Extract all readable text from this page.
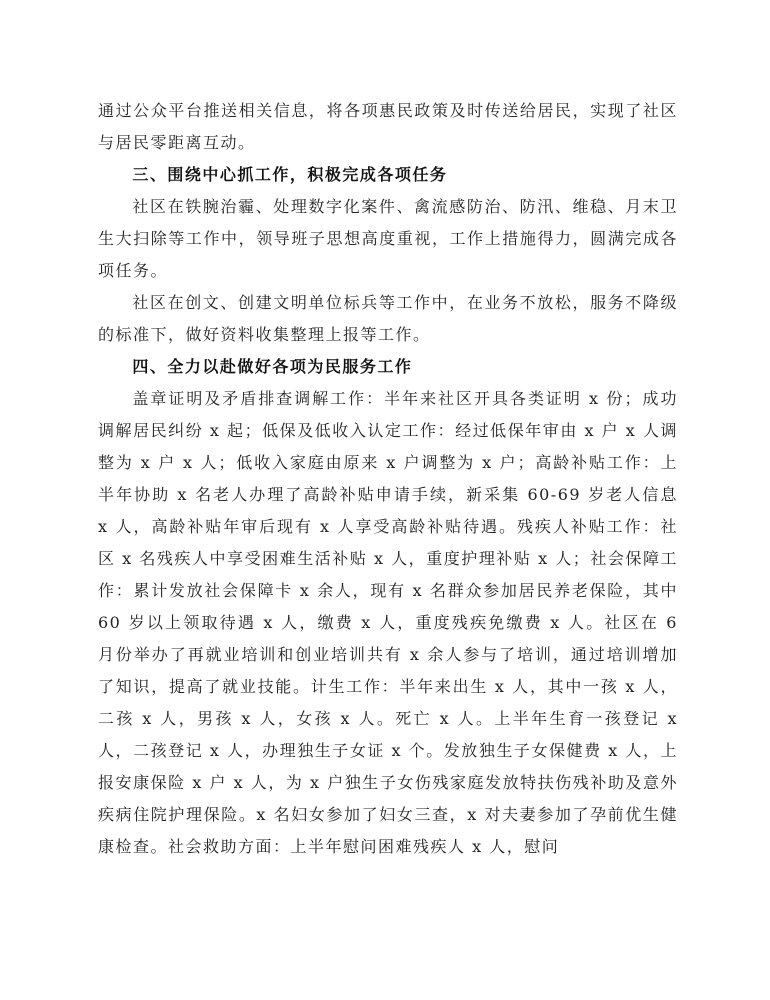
通过公众平台推送相关信息，将各项惠民政策及时传送给居民，实现了社区与居民零距离互动。

三、围绕中心抓工作，积极完成各项任务

社区在铁腕治霾、处理数字化案件、禽流感防治、防汛、维稳、月末卫生大扫除等工作中，领导班子思想高度重视，工作上措施得力，圆满完成各项任务。

社区在创文、创建文明单位标兵等工作中，在业务不放松，服务不降级的标准下，做好资料收集整理上报等工作。

四、全力以赴做好各项为民服务工作

盖章证明及矛盾排查调解工作：半年来社区开具各类证明 x 份；成功调解居民纠纷 x 起；低保及低收入认定工作：经过低保年审由 x 户 x 人调整为 x 户 x 人；低收入家庭由原来 x 户调整为 x 户；高龄补贴工作：上半年协助 x 名老人办理了高龄补贴申请手续，新采集 60-69 岁老人信息 x 人，高龄补贴年审后现有 x 人享受高龄补贴待遇。残疾人补贴工作：社区 x 名残疾人中享受困难生活补贴 x 人，重度护理补贴 x 人；社会保障工作：累计发放社会保障卡 x 余人，现有 x 名群众参加居民养老保险，其中 60 岁以上领取待遇 x 人，缴费 x 人，重度残疾免缴费 x 人。社区在 6 月份举办了再就业培训和创业培训共有 x 余人参与了培训，通过培训增加了知识，提高了就业技能。计生工作：半年来出生 x 人，其中一孩 x 人，二孩 x 人，男孩 x 人，女孩 x 人。死亡 x 人。上半年生育一孩登记 x 人，二孩登记 x 人，办理独生子女证 x 个。发放独生子女保健费 x 人，上报安康保险 x 户 x 人，为 x 户独生子女伤残家庭发放特扶伤残补助及意外疾病住院护理保险。x 名妇女参加了妇女三查，x 对夫妻参加了孕前优生健康检查。社会救助方面：上半年慰问困难残疾人 x 人，慰问
